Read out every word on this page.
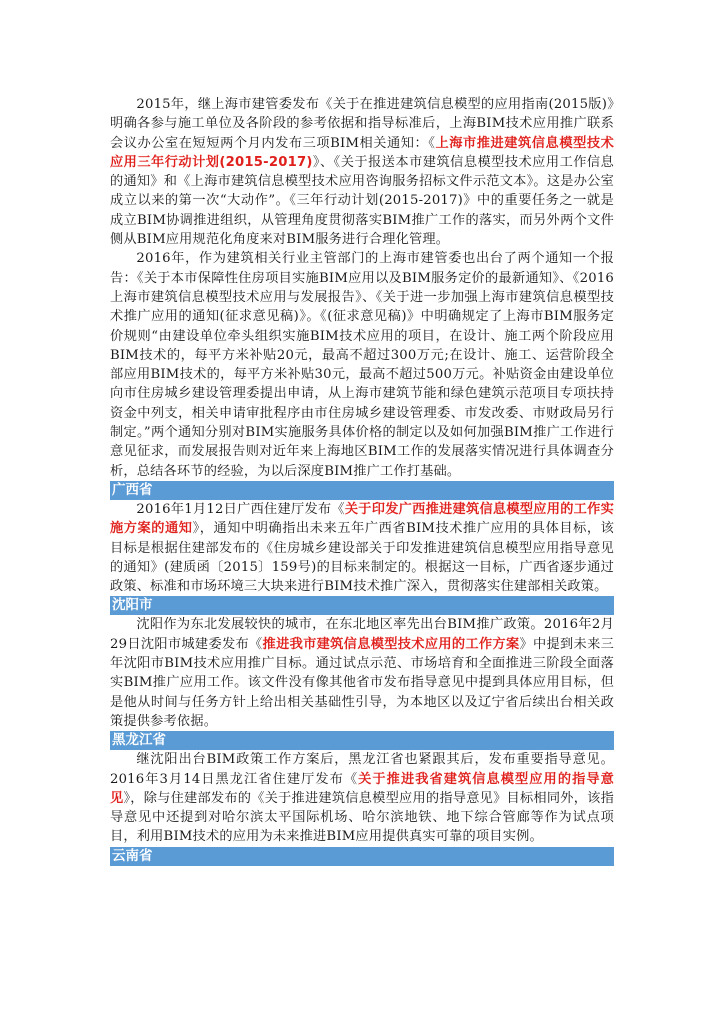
2015年，继上海市建管委发布《关于在推进建筑信息模型的应用指南(2015版)》明确各参与施工单位及各阶段的参考依据和指导标准后，上海BIM技术应用推广联系会议办公室在短短两个月内发布三项BIM相关通知：《上海市推进建筑信息模型技术应用三年行动计划(2015-2017)》、《关于报送本市建筑信息模型技术应用工作信息的通知》和《上海市建筑信息模型技术应用咨询服务招标文件示范文本》。这是办公室成立以来的第一次“大动作”。《三年行动计划(2015-2017)》中的重要任务之一就是成立BIM协调推进组织，从管理角度贯彻落实BIM推广工作的落实，而另外两个文件侧从BIM应用规范化角度来对BIM服务进行合理化管理。

2016年，作为建筑相关行业主管部门的上海市建管委也出台了两个通知一个报告：《关于本市保障性住房项目实施BIM应用以及BIM服务定价的最新通知》、《2016上海市建筑信息模型技术应用与发展报告》、《关于进一步加强上海市建筑信息模型技术推广应用的通知(征求意见稿)》。《(征求意见稿)》中明确规定了上海市BIM服务定价规则“由建设单位牵头组织实施BIM技术应用的项目，在设计、施工两个阶段应用BIM技术的，每平方米补贴20元，最高不超过300万元;在设计、施工、运营阶段全部应用BIM技术的，每平方米补贴30元，最高不超过500万元。补贴资金由建设单位向市住房城乡建设管理委提出申请，从上海市建筑节能和绿色建筑示范项目专项扶持资金中列支，相关申请审批程序由市住房城乡建设管理委、市发改委、市财政局另行制定。”两个通知分别对BIM实施服务具体价格的制定以及如何加强BIM推广工作进行意见征求，而发展报告则对近年来上海地区BIM工作的发展落实情况进行具体调查分析，总结各环节的经验，为以后深度BIM推广工作打基础。

广西省

2016年1月12日广西住建厅发布《关于印发广西推进建筑信息模型应用的工作实施方案的通知》，通知中明确指出未来五年广西省BIM技术推广应用的具体目标，该目标是根据住建部发布的《住房城乡建设部关于印发推进建筑信息模型应用指导意见的通知》(建质函〔2015〕159号)的目标来制定的。根据这一目标，广西省逐步通过政策、标准和市场环境三大块来进行BIM技术推广深入，贯彻落实住建部相关政策。

沈阳市

沈阳作为东北发展较快的城市，在东北地区率先出台BIM推广政策。2016年2月29日沈阳市城建委发布《推进我市建筑信息模型技术应用的工作方案》中提到未来三年沈阳市BIM技术应用推广目标。通过试点示范、市场培育和全面推进三阶段全面落实BIM推广应用工作。该文件没有像其他省市发布指导意见中提到具体应用目标，但是他从时间与任务方针上给出相关基础性引导，为本地区以及辽宁省后续出台相关政策提供参考依据。

黑龙江省

继沈阳出台BIM政策工作方案后，黑龙江省也紧跟其后，发布重要指导意见。2016年3月14日黑龙江省住建厅发布《关于推进我省建筑信息模型应用的指导意见》，除与住建部发布的《关于推进建筑信息模型应用的指导意见》目标相同外，该指导意见中还提到对哈尔滨太平国际机场、哈尔滨地铁、地下综合管廊等作为试点项目，利用BIM技术的应用为未来推进BIM应用提供真实可靠的项目实例。

云南省
